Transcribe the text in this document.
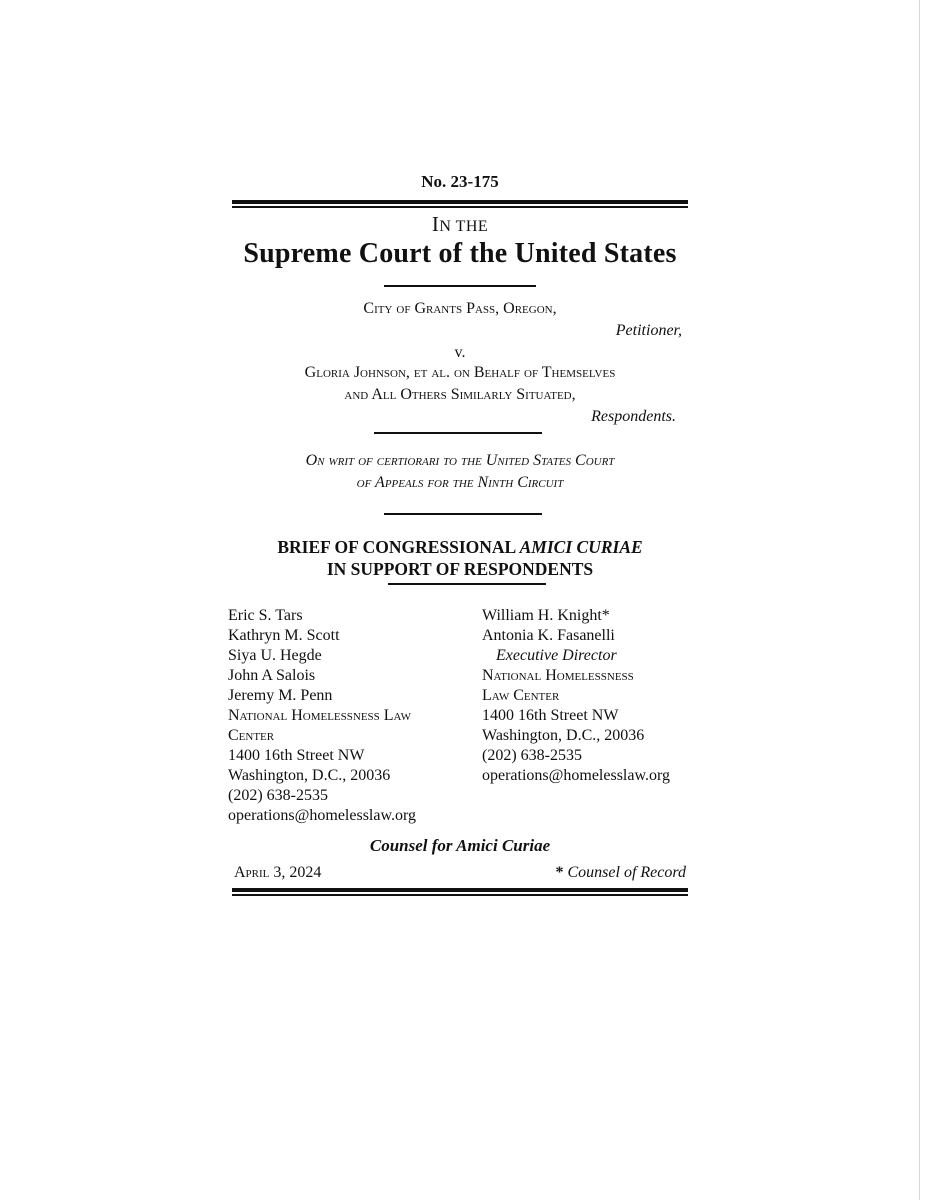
No. 23-175
IN THE
Supreme Court of the United States
City of Grants Pass, Oregon,
Petitioner,
v.
Gloria Johnson, et al. on Behalf of Themselves
and All Others Similarly Situated,
Respondents.
On writ of certiorari to the United States Court
of Appeals for the Ninth Circuit
BRIEF OF CONGRESSIONAL AMICI CURIAE
IN SUPPORT OF RESPONDENTS
Eric S. Tars
Kathryn M. Scott
Siya U. Hegde
John A Salois
Jeremy M. Penn
National Homelessness Law
Center
1400 16th Street NW
Washington, D.C., 20036
(202) 638-2535
operations@homelesslaw.org
William H. Knight*
Antonia K. Fasanelli
Executive Director
National Homelessness
Law Center
1400 16th Street NW
Washington, D.C., 20036
(202) 638-2535
operations@homelesslaw.org
Counsel for Amici Curiae
April 3, 2024	* Counsel of Record
